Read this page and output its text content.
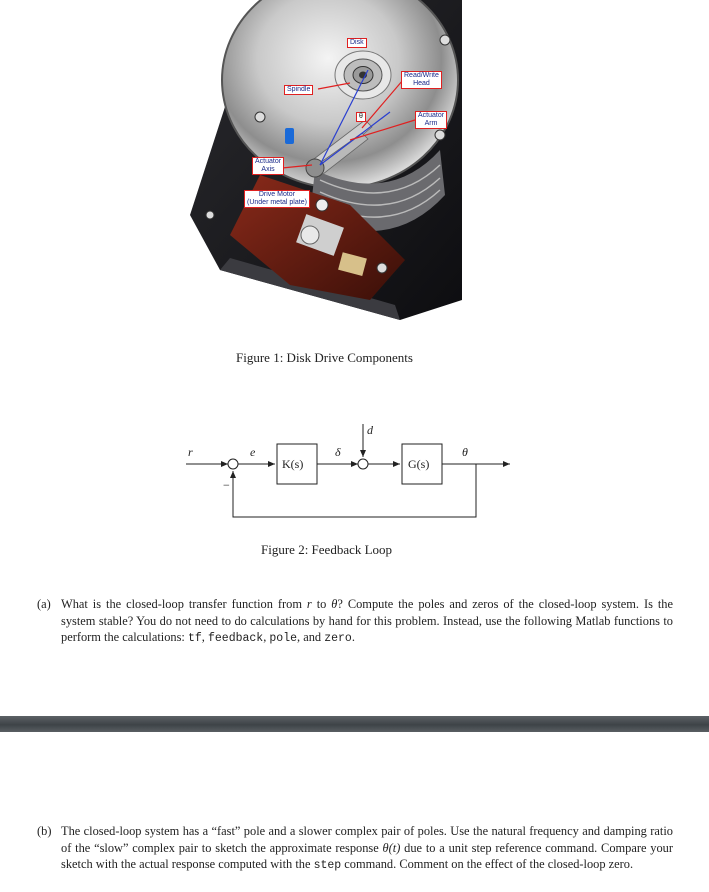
Disk
Spindle
Read/Write
Head
θ	Actuator
Arm
Actuator
Axis
Drive Motor
(Under metal plate)
Figure 1: Disk Drive Components
r	e
−
K(s)
δ
d
G(s)
θ
Figure 2: Feedback Loop
(a) What is the closed-loop transfer function from r to θ? Compute the poles and zeros of the closed-loop system. Is the system stable? You do not need to do calculations by hand for this problem. Instead, use the following Matlab functions to perform the calculations: tf, feedback, pole, and zero.
(b) The closed-loop system has a “fast” pole and a slower complex pair of poles. Use the natural frequency and damping ratio of the “slow” complex pair to sketch the approximate response θ(t) due to a unit step reference command. Compare your sketch with the actual response computed with the step command. Comment on the effect of the closed-loop zero.
